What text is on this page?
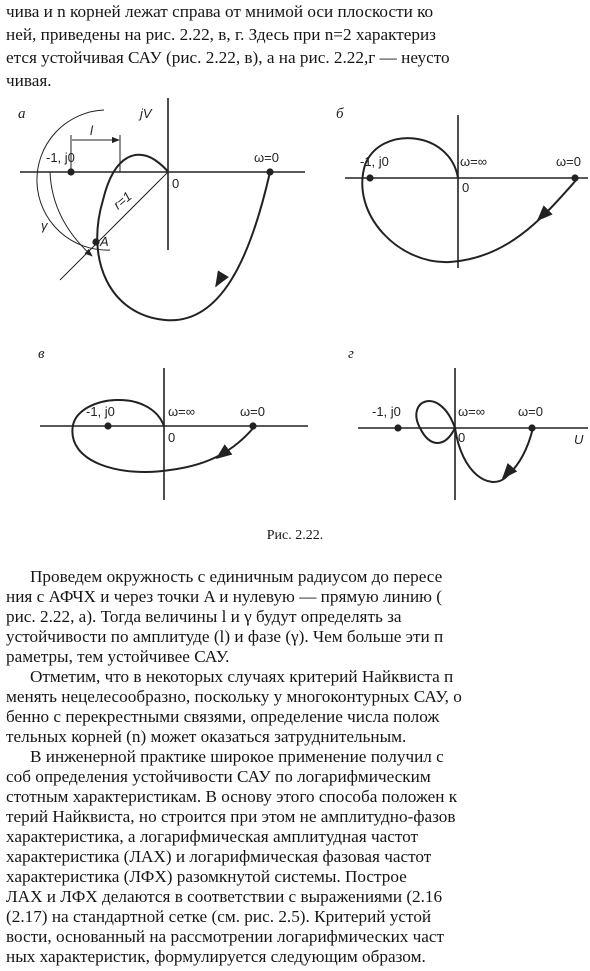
чива и n корней лежат справа от мнимой оси плоскости ко
ней, приведены на рис. 2.22, в, г. Здесь при n=2 характериз
ется устойчивая САУ (рис. 2.22, в), а на рис. 2.22,г — неусто
чивая.
а	jV
-1, j0
l
r=1
γ
A
0
ω=0
б
-1, j0	ω=∞	ω=0
0
в
-1, j0	ω=∞	ω=0
0
г
-1, j0	ω=∞	ω=0
0	U
Рис. 2.22.
Проведем окружность с единичным радиусом до пересе
ния с АФЧХ и через точки A и нулевую — прямую линию (
рис. 2.22, а). Тогда величины l и γ будут определять за
устойчивости по амплитуде (l) и фазе (γ). Чем больше эти п
раметры, тем устойчивее САУ.
Отметим, что в некоторых случаях критерий Найквиста п
менять нецелесообразно, поскольку у многоконтурных САУ, о
бенно с перекрестными связями, определение числа полож
тельных корней (n) может оказаться затруднительным.
В инженерной практике широкое применение получил с
соб определения устойчивости САУ по логарифмическим
стотным характеристикам. В основу этого способа положен к
терий Найквиста, но строится при этом не амплитудно-фазов
характеристика, а логарифмическая амплитудная частот
характеристика (ЛАХ) и логарифмическая фазовая частот
характеристика (ЛФХ) разомкнутой системы. Построе
ЛАХ и ЛФХ делаются в соответствии с выражениями (2.16
(2.17) на стандартной сетке (см. рис. 2.5). Критерий устой
вости, основанный на рассмотрении логарифмических част
ных характеристик, формулируется следующим образом.
